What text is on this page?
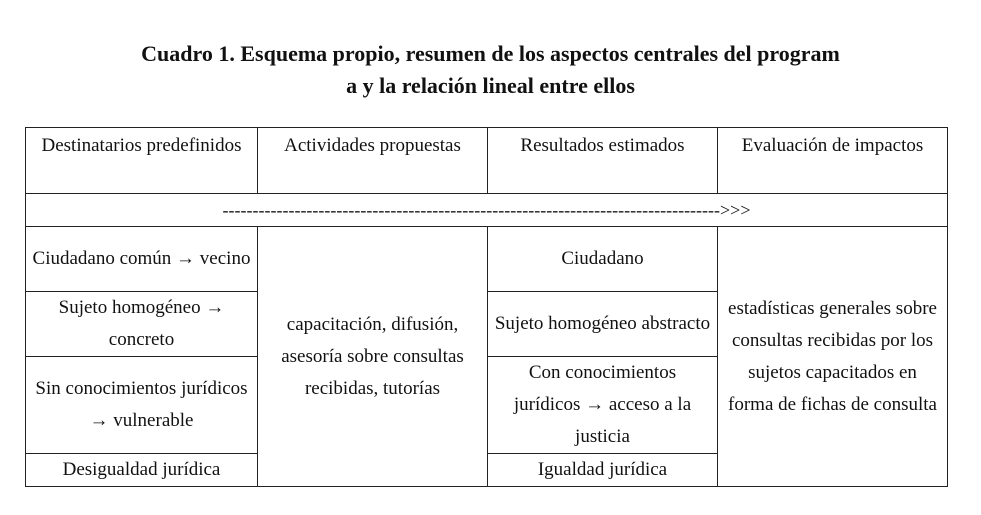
Cuadro 1. Esquema propio, resumen de los aspectos centrales del program
a y la relación lineal entre ellos
Destinatarios predefinidos	Actividades propuestas	Resultados estimados	Evaluación de impactos
----------------------------------------------------------------------------------->>>			
Ciudadano común → vecino	capacitación, difusión, asesoría sobre consultas recibidas, tutorías	Ciudadano	estadísticas generales sobre consultas recibidas por los sujetos capacitados en forma de fichas de consulta
Sujeto homogéneo → concreto		Sujeto homogéneo abstracto	
Sin conocimientos jurídicos → vulnerable		Con conocimientos jurídicos → acceso a la justicia	
Desigualdad jurídica		Igualdad jurídica	
